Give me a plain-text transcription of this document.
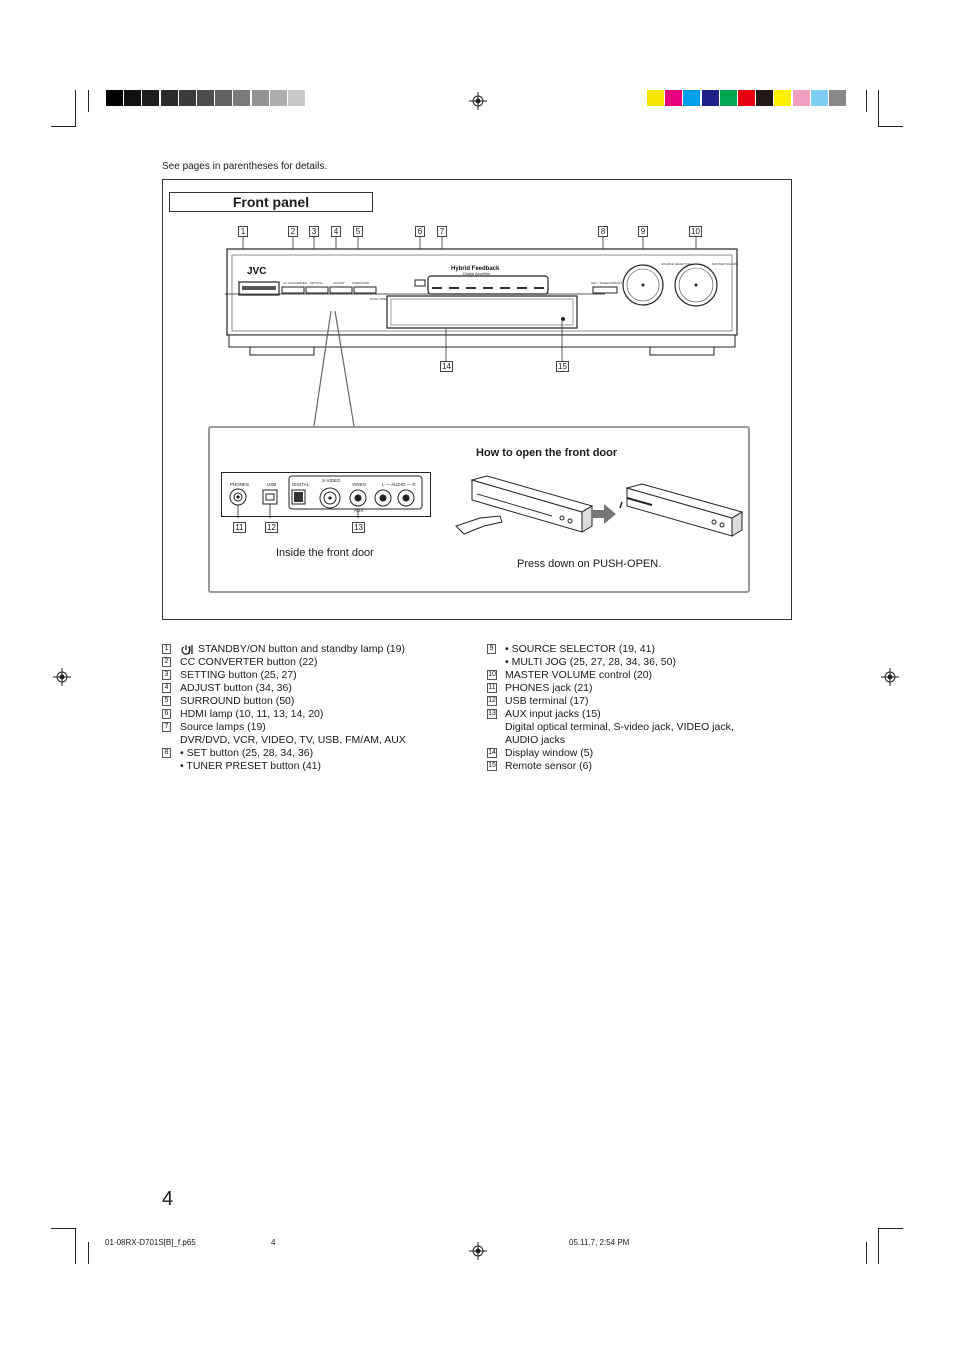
See pages in parentheses for details.
Front panel
1	2	3	4	5	6	7	8	9	10
14	15
JVC	Hybrid Feedback
Digital Amplifier
CC CONVERTER SETTING	ADJUST SURROUND
PUSH OPEN
SET / TUNER PRESET
SOURCE SELECTOR	MASTER VOLUME
How to open the front door
PHONES	USB	DIGITAL
S-VIDEO
VIDEO	L — AUDIO — R
AUX
11	12	13
Inside the front door
Press down on PUSH-OPEN.
1	STANDBY/ON button and standby lamp (19)
2 CC CONVERTER button (22)
3 SETTING button (25, 27)
4 ADJUST button (34, 36)
5 SURROUND button (50)
6 HDMI lamp (10, 11, 13, 14, 20)
7 Source lamps (19)
DVR/DVD, VCR, VIDEO, TV, USB, FM/AM, AUX
8 • SET button (25, 28, 34, 36)
• TUNER PRESET button (41)
9 • SOURCE SELECTOR (19, 41)
• MULTI JOG (25, 27, 28, 34, 36, 50)
10 MASTER VOLUME control (20)
11 PHONES jack (21)
12 USB terminal (17)
13 AUX input jacks (15)
Digital optical terminal, S-video jack, VIDEO jack,
AUDIO jacks
14 Display window (5)
15 Remote sensor (6)
4
01-08RX-D701S[B]_f.p65	4	05.11.7, 2:54 PM
